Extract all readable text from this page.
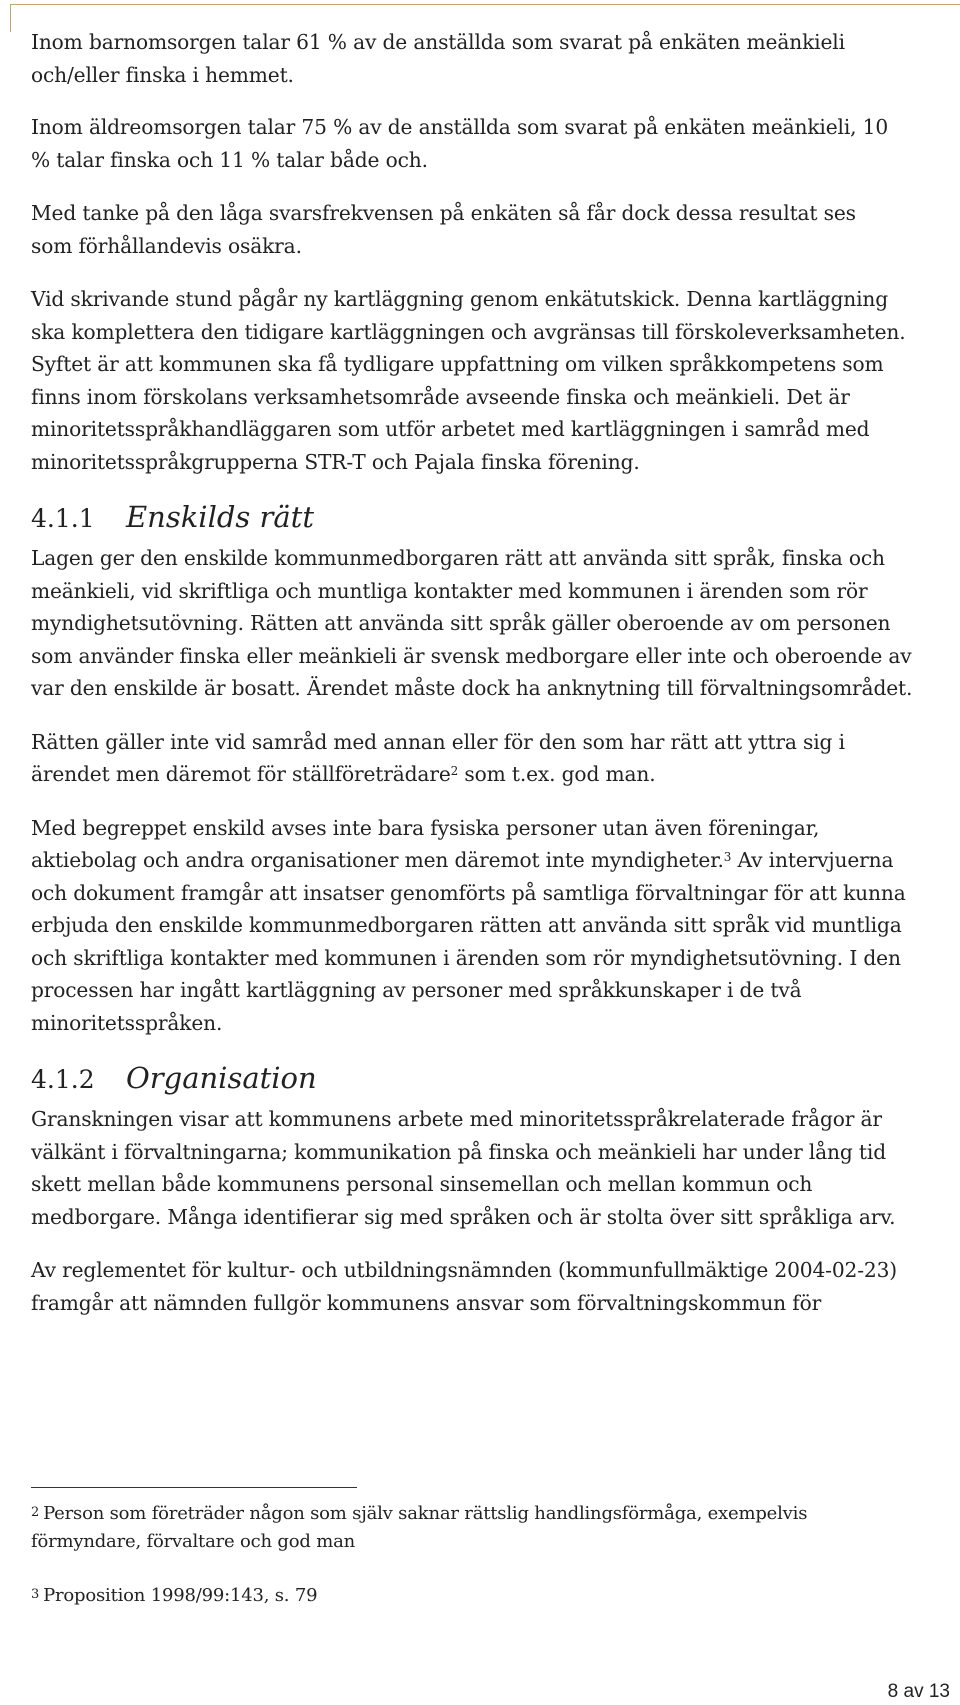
Inom barnomsorgen talar 61 % av de anställda som svarat på enkäten meänkieli och/eller finska i hemmet.

Inom äldreomsorgen talar 75 % av de anställda som svarat på enkäten meänkieli, 10 % talar finska och 11 % talar både och.

Med tanke på den låga svarsfrekvensen på enkäten så får dock dessa resultat ses som förhållandevis osäkra.

Vid skrivande stund pågår ny kartläggning genom enkätutskick. Denna kartläggning ska komplettera den tidigare kartläggningen och avgränsas till förskoleverksamheten. Syftet är att kommunen ska få tydligare uppfattning om vilken språkkompetens som finns inom förskolans verksamhetsområde avseende finska och meänkieli. Det är minoritetsspråkhandläggaren som utför arbetet med kartläggningen i samråd med minoritetsspråkgrupperna STR-T och Pajala finska förening.

4.1.1	Enskilds rätt

Lagen ger den enskilde kommunmedborgaren rätt att använda sitt språk, finska och meänkieli, vid skriftliga och muntliga kontakter med kommunen i ärenden som rör myndighetsutövning. Rätten att använda sitt språk gäller oberoende av om personen som använder finska eller meänkieli är svensk medborgare eller inte och oberoende av var den enskilde är bosatt. Ärendet måste dock ha anknytning till förvaltningsområdet.

Rätten gäller inte vid samråd med annan eller för den som har rätt att yttra sig i ärendet men däremot för ställföreträdare$^2$ som t.ex. god man.

Med begreppet enskild avses inte bara fysiska personer utan även föreningar, aktiebolag och andra organisationer men däremot inte myndigheter.$^3$ Av intervjuerna och dokument framgår att insatser genomförts på samtliga förvaltningar för att kunna erbjuda den enskilde kommunmedborgaren rätten att använda sitt språk vid muntliga och skriftliga kontakter med kommunen i ärenden som rör myndighetsutövning. I den processen har ingått kartläggning av personer med språkkunskaper i de två minoritetsspråken.

4.1.2	Organisation

Granskningen visar att kommunens arbete med minoritetsspråkrelaterade frågor är välkänt i förvaltningarna; kommunikation på finska och meänkieli har under lång tid skett mellan både kommunens personal sinsemellan och mellan kommun och medborgare. Många identifierar sig med språken och är stolta över sitt språkliga arv.

Av reglementet för kultur- och utbildningsnämnden (kommunfullmäktige 2004-02-23) framgår att nämnden fullgör kommunens ansvar som förvaltningskommun för

2 Person som företräder någon som själv saknar rättslig handlingsförmåga, exempelvis förmyndare, förvaltare och god man
3 Proposition 1998/99:143, s. 79
8 av 13
